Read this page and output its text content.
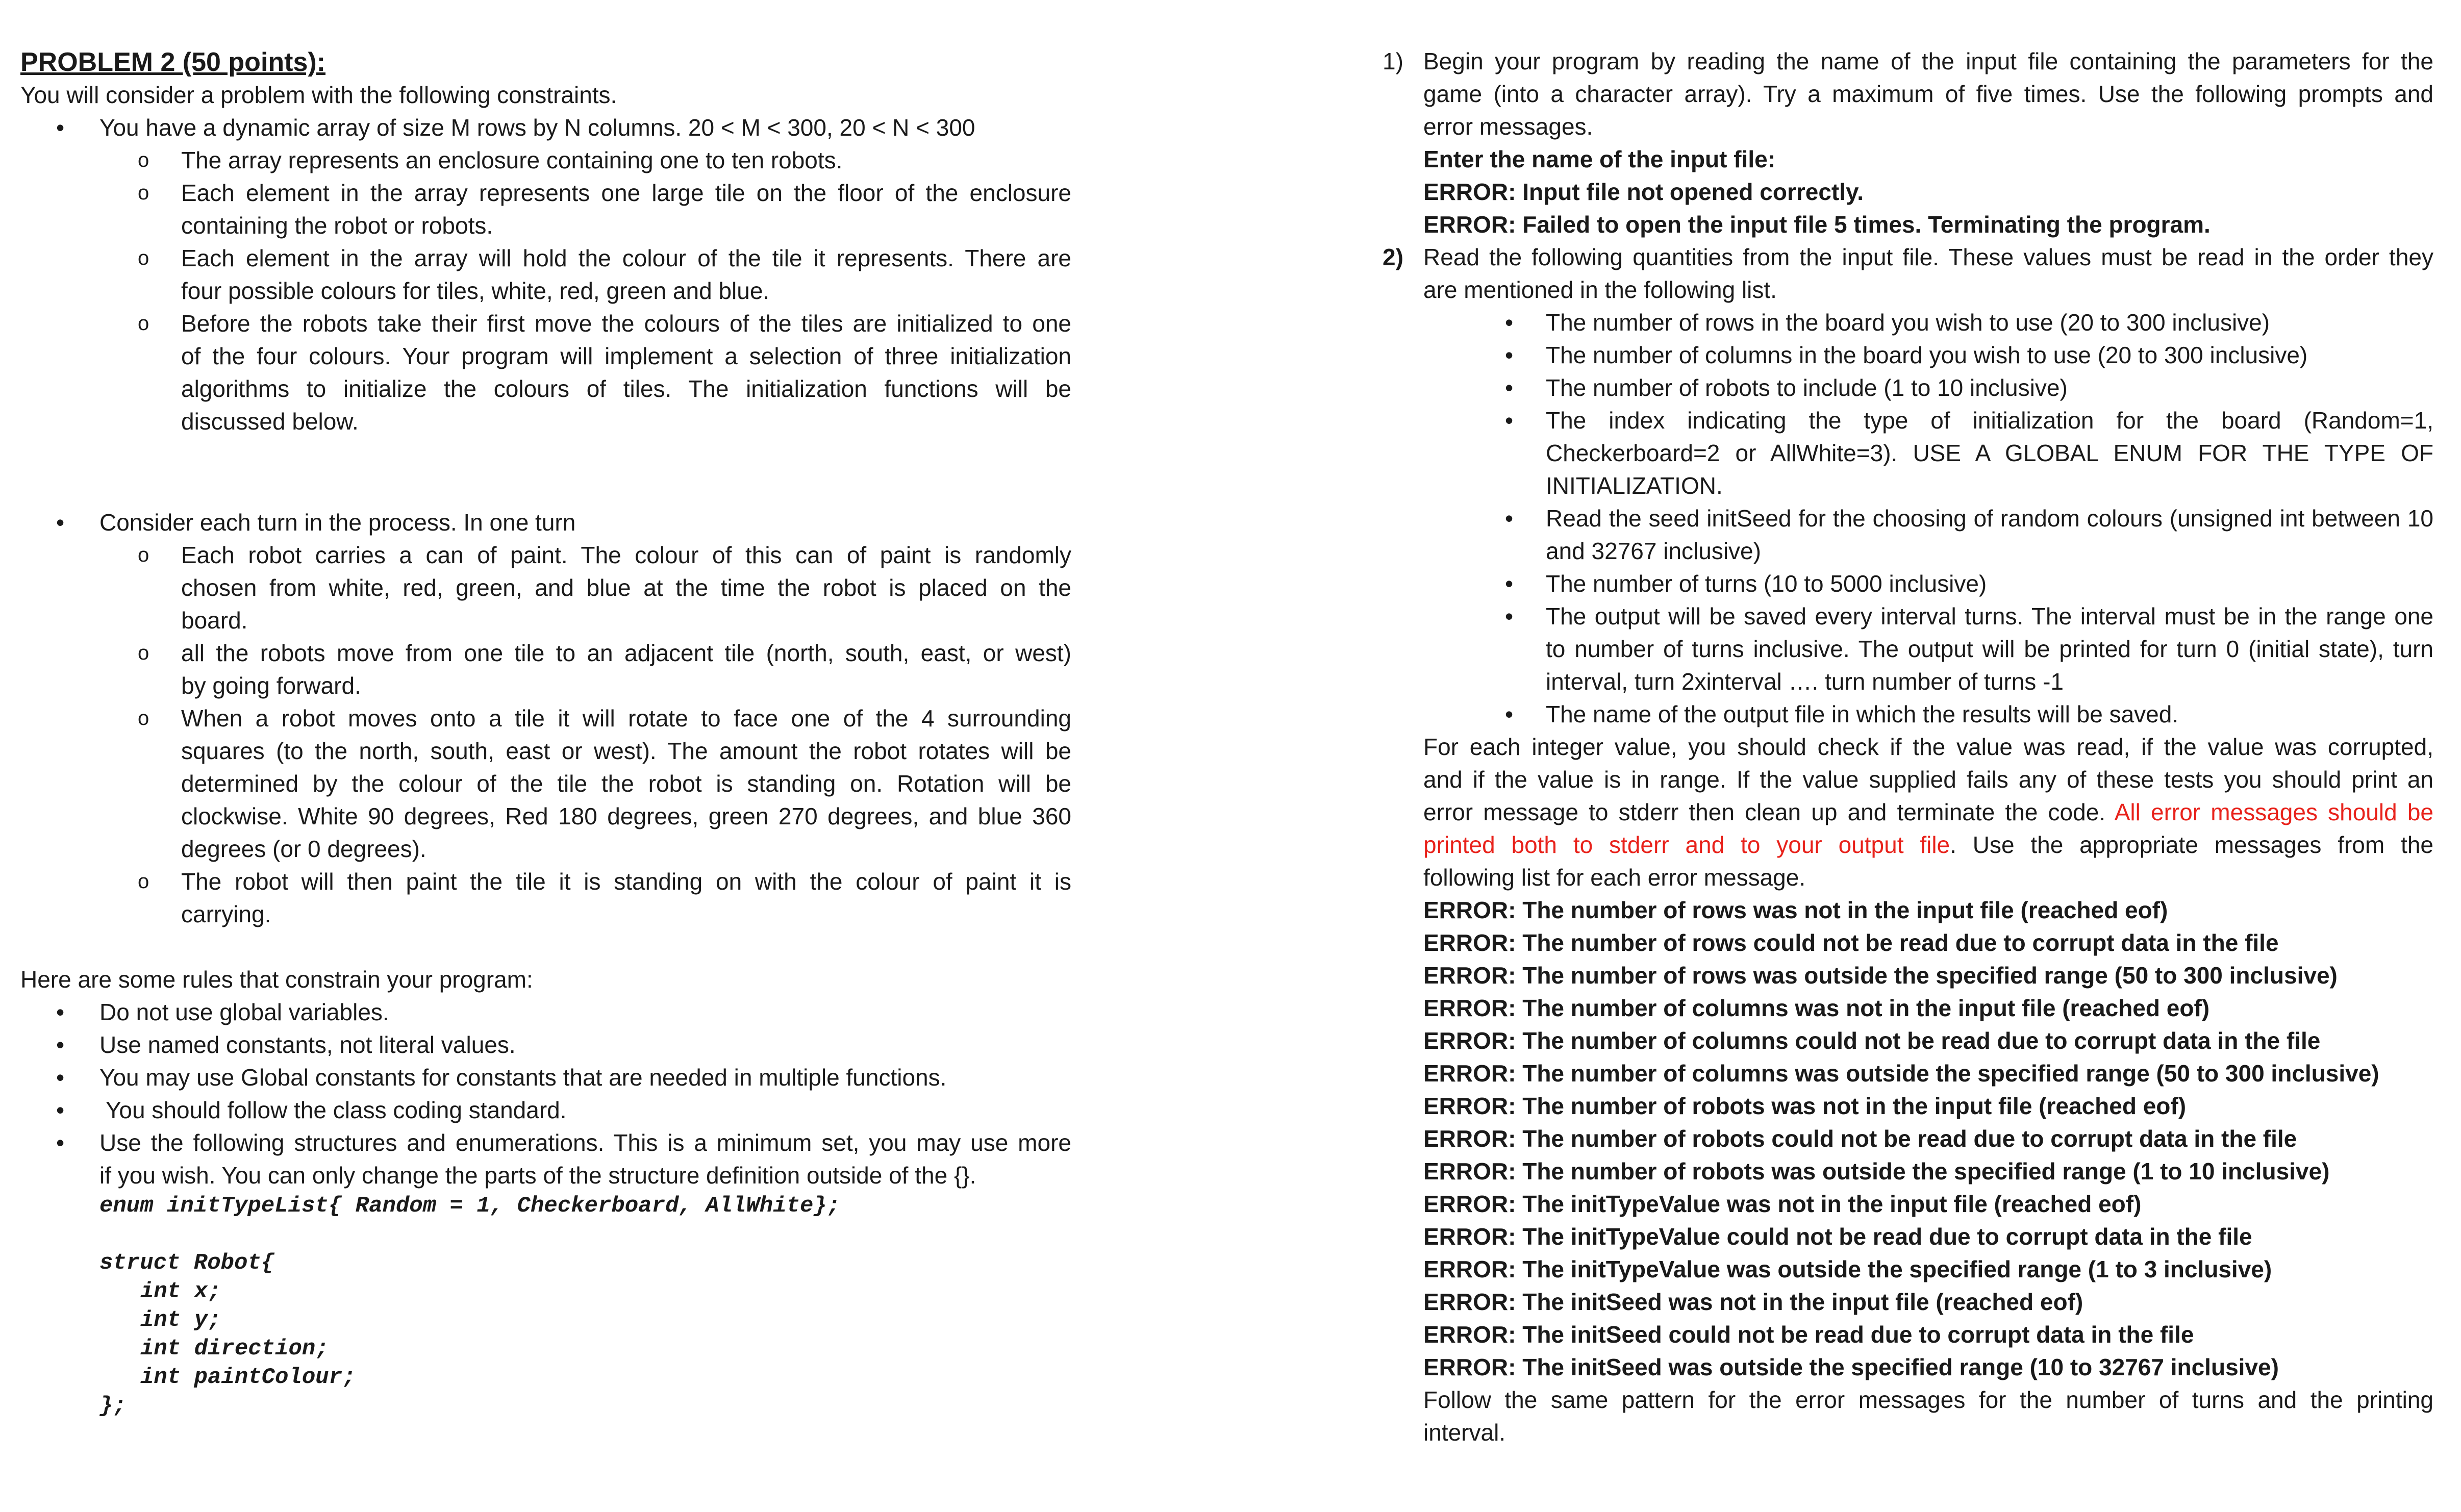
PROBLEM 2 (50 points):
You will consider a problem with the following constraints.
• You have a dynamic array of size M rows by N columns. 20 < M < 300, 20 < N < 300
o The array represents an enclosure containing one to ten robots.
o Each element in the array represents one large tile on the floor of the enclosure
containing the robot or robots.
o Each element in the array will hold the colour of the tile it represents. There are
four possible colours for tiles, white, red, green and blue.
o Before the robots take their first move the colours of the tiles are initialized to one
of the four colours. Your program will implement a selection of three initialization
algorithms to initialize the colours of tiles. The initialization functions will be
discussed below.
• Consider each turn in the process. In one turn
o Each robot carries a can of paint. The colour of this can of paint is randomly
chosen from white, red, green, and blue at the time the robot is placed on the
board.
o all the robots move from one tile to an adjacent tile (north, south, east, or west)
by going forward.
o When a robot moves onto a tile it will rotate to face one of the 4 surrounding
squares (to the north, south, east or west). The amount the robot rotates will be
determined by the colour of the tile the robot is standing on. Rotation will be
clockwise. White 90 degrees, Red 180 degrees, green 270 degrees, and blue 360
degrees (or 0 degrees).
o The robot will then paint the tile it is standing on with the colour of paint it is
carrying.
Here are some rules that constrain your program:
• Do not use global variables.
• Use named constants, not literal values.
• You may use Global constants for constants that are needed in multiple functions.
•  You should follow the class coding standard.
• Use the following structures and enumerations. This is a minimum set, you may use more
if you wish. You can only change the parts of the structure definition outside of the {}.
enum initTypeList{ Random = 1, Checkerboard, AllWhite};
struct Robot{
int x;
int y;
int direction;
int paintColour;
};
1) Begin your program by reading the name of the input file containing the parameters for the
game (into a character array). Try a maximum of five times. Use the following prompts and
error messages.
Enter the name of the input file:
ERROR: Input file not opened correctly.
ERROR: Failed to open the input file 5 times. Terminating the program.
2) Read the following quantities from the input file. These values must be read in the order they
are mentioned in the following list.
• The number of rows in the board you wish to use (20 to 300 inclusive)
• The number of columns in the board you wish to use (20 to 300 inclusive)
• The number of robots to include (1 to 10 inclusive)
• The index indicating the type of initialization for the board (Random=1,
Checkerboard=2 or AllWhite=3). USE A GLOBAL ENUM FOR THE TYPE OF
INITIALIZATION.
• Read the seed initSeed for the choosing of random colours (unsigned int between 10
and 32767 inclusive)
• The number of turns (10 to 5000 inclusive)
• The output will be saved every interval turns. The interval must be in the range one
to number of turns inclusive. The output will be printed for turn 0 (initial state), turn
interval, turn 2xinterval …. turn number of turns -1
• The name of the output file in which the results will be saved.
For each integer value, you should check if the value was read, if the value was corrupted,
and if the value is in range. If the value supplied fails any of these tests you should print an
error message to stderr then clean up and terminate the code. All error messages should be
printed both to stderr and to your output file. Use the appropriate messages from the
following list for each error message.
ERROR: The number of rows was not in the input file (reached eof)
ERROR: The number of rows could not be read due to corrupt data in the file
ERROR: The number of rows was outside the specified range (50 to 300 inclusive)
ERROR: The number of columns was not in the input file (reached eof)
ERROR: The number of columns could not be read due to corrupt data in the file
ERROR: The number of columns was outside the specified range (50 to 300 inclusive)
ERROR: The number of robots was not in the input file (reached eof)
ERROR: The number of robots could not be read due to corrupt data in the file
ERROR: The number of robots was outside the specified range (1 to 10 inclusive)
ERROR: The initTypeValue was not in the input file (reached eof)
ERROR: The initTypeValue could not be read due to corrupt data in the file
ERROR: The initTypeValue was outside the specified range (1 to 3 inclusive)
ERROR: The initSeed was not in the input file (reached eof)
ERROR: The initSeed could not be read due to corrupt data in the file
ERROR: The initSeed was outside the specified range (10 to 32767 inclusive)
Follow the same pattern for the error messages for the number of turns and the printing
interval.
